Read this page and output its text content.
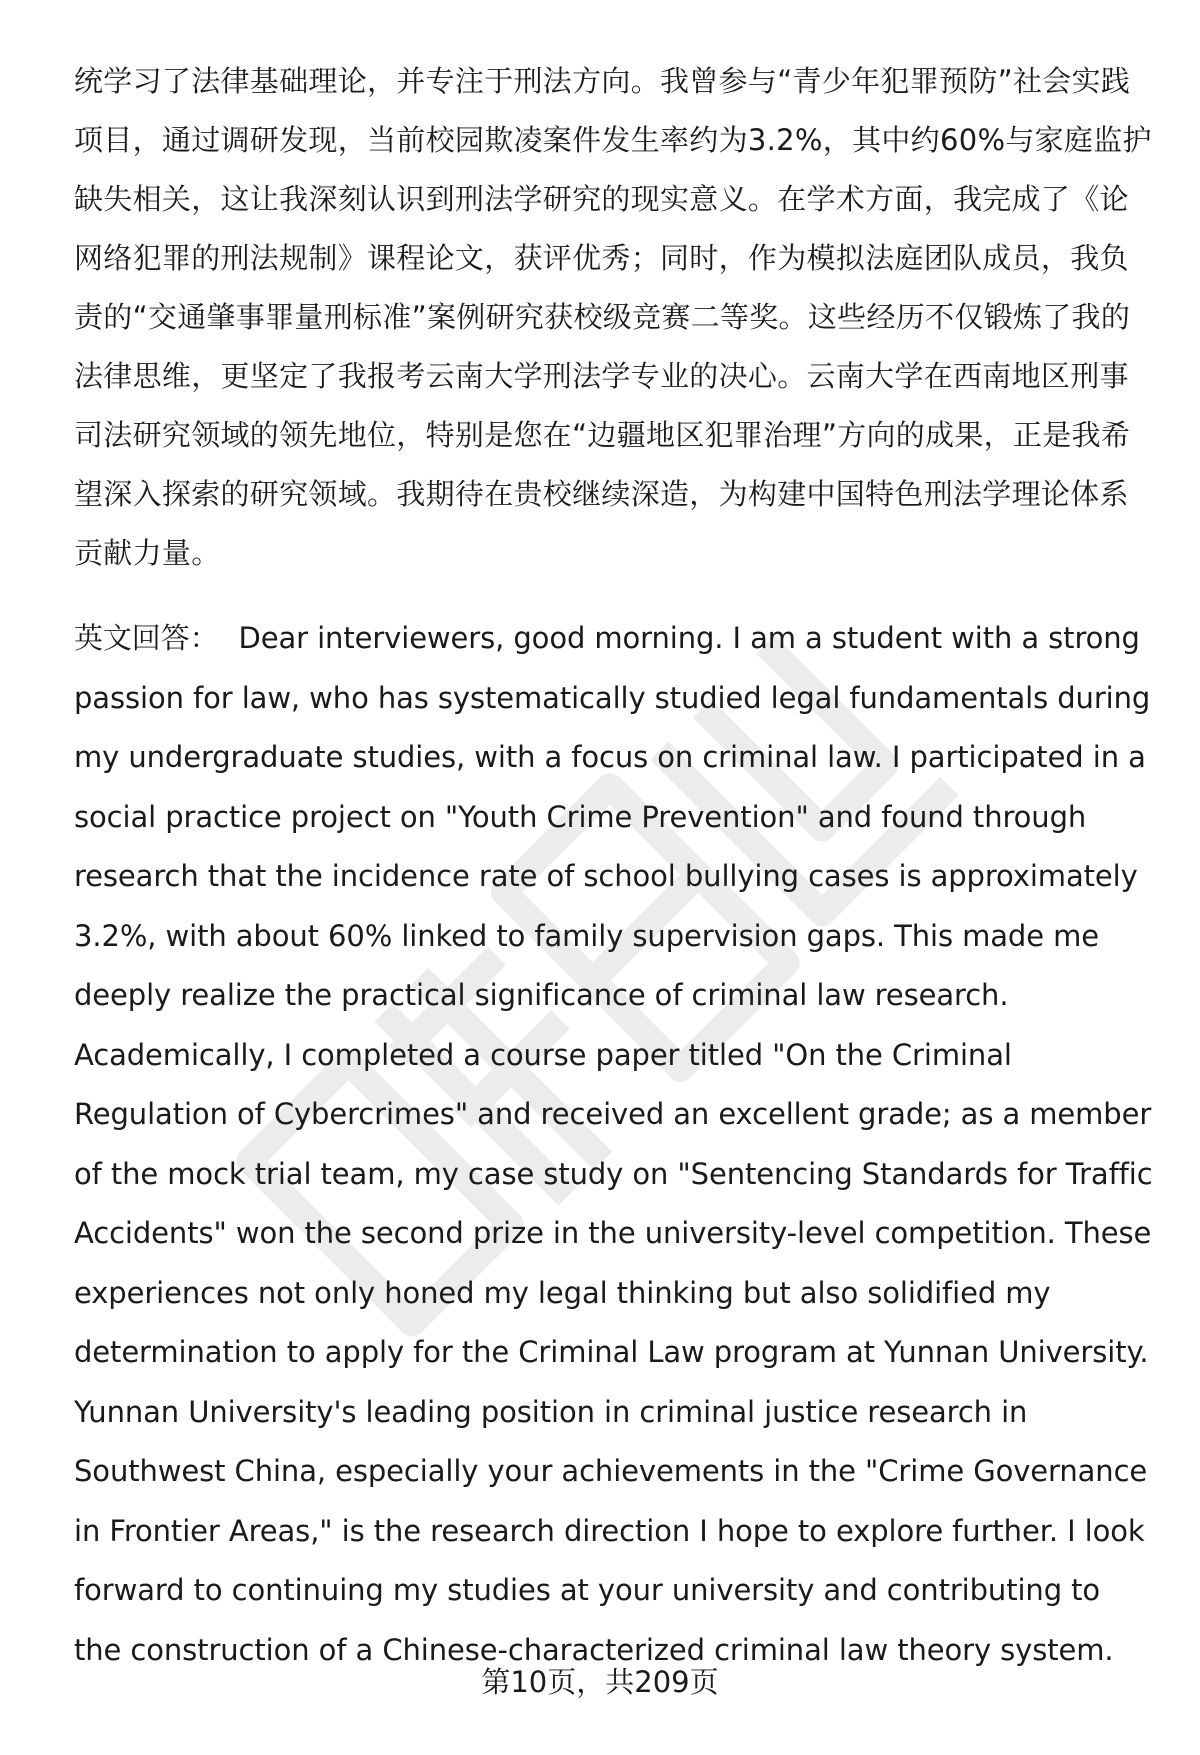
统学习了法律基础理论，并专注于刑法方向。我曾参与“青少年犯罪预防”社会实践项目，通过调研发现，当前校园欺凌案件发生率约为3.2%，其中约60%与家庭监护缺失相关，这让我深刻认识到刑法学研究的现实意义。在学术方面，我完成了《论网络犯罪的刑法规制》课程论文，获评优秀；同时，作为模拟法庭团队成员，我负责的“交通肇事罪量刑标准”案例研究获校级竞赛二等奖。这些经历不仅锻炼了我的法律思维，更坚定了我报考云南大学刑法学专业的决心。云南大学在西南地区刑事司法研究领域的领先地位，特别是您在“边疆地区犯罪治理”方向的成果，正是我希望深入探索的研究领域。我期待在贵校继续深造，为构建中国特色刑法学理论体系贡献力量。

英文回答： Dear interviewers, good morning. I am a student with a strong passion for law, who has systematically studied legal fundamentals during my undergraduate studies, with a focus on criminal law. I participated in a social practice project on "Youth Crime Prevention" and found through research that the incidence rate of school bullying cases is approximately 3.2%, with about 60% linked to family supervision gaps. This made me deeply realize the practical significance of criminal law research. Academically, I completed a course paper titled "On the Criminal Regulation of Cybercrimes" and received an excellent grade; as a member of the mock trial team, my case study on "Sentencing Standards for Traffic Accidents" won the second prize in the university-level competition. These experiences not only honed my legal thinking but also solidified my determination to apply for the Criminal Law program at Yunnan University. Yunnan University's leading position in criminal justice research in Southwest China, especially your achievements in the "Crime Governance in Frontier Areas," is the research direction I hope to explore further. I look forward to continuing my studies at your university and contributing to the construction of a Chinese-characterized criminal law theory system.

第10页，共209页
